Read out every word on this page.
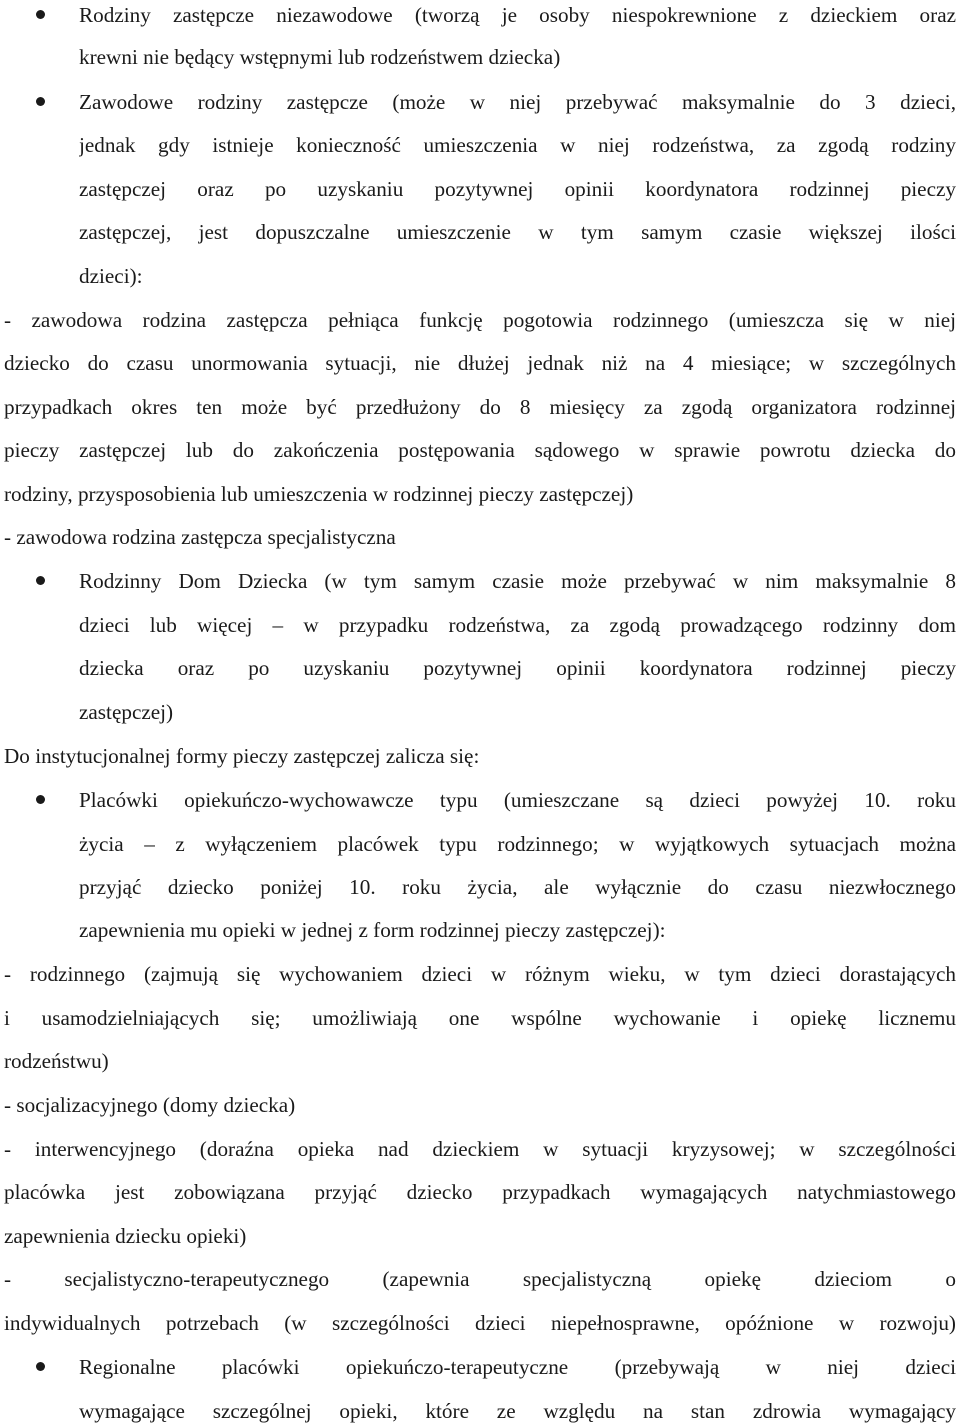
Rodziny zastępcze niezawodowe (tworzą je osoby niespokrewnione z dzieckiem oraz
krewni nie będący wstępnymi lub rodzeństwem dziecka)
Zawodowe rodziny zastępcze (może w niej przebywać maksymalnie do 3 dzieci,
jednak gdy istnieje konieczność umieszczenia w niej rodzeństwa, za zgodą rodziny
zastępczej oraz po uzyskaniu pozytywnej opinii koordynatora rodzinnej pieczy
zastępczej, jest dopuszczalne umieszczenie w tym samym czasie większej ilości
dzieci):
- zawodowa rodzina zastępcza pełniąca funkcję pogotowia rodzinnego (umieszcza się w niej
dziecko do czasu unormowania sytuacji, nie dłużej jednak niż na 4 miesiące; w szczególnych
przypadkach okres ten może być przedłużony do 8 miesięcy za zgodą organizatora rodzinnej
pieczy zastępczej lub do zakończenia postępowania sądowego w sprawie powrotu dziecka do
rodziny, przysposobienia lub umieszczenia w rodzinnej pieczy zastępczej)
- zawodowa rodzina zastępcza specjalistyczna
Rodzinny Dom Dziecka (w tym samym czasie może przebywać w nim maksymalnie 8
dzieci lub więcej – w przypadku rodzeństwa, za zgodą prowadzącego rodzinny dom
dziecka oraz po uzyskaniu pozytywnej opinii koordynatora rodzinnej pieczy
zastępczej)
Do instytucjonalnej formy pieczy zastępczej zalicza się:
Placówki opiekuńczo-wychowawcze typu (umieszczane są dzieci powyżej 10. roku
życia – z wyłączeniem placówek typu rodzinnego; w wyjątkowych sytuacjach można
przyjąć dziecko poniżej 10. roku życia, ale wyłącznie do czasu niezwłocznego
zapewnienia mu opieki w jednej z form rodzinnej pieczy zastępczej):
- rodzinnego (zajmują się wychowaniem dzieci w różnym wieku, w tym dzieci dorastających
i usamodzielniających się; umożliwiają one wspólne wychowanie i opiekę licznemu
rodzeństwu)
- socjalizacyjnego (domy dziecka)
- interwencyjnego (doraźna opieka nad dzieckiem w sytuacji kryzysowej; w szczególności
placówka jest zobowiązana przyjąć dziecko przypadkach wymagających natychmiastowego
zapewnienia dziecku opieki)
- secjalistyczno-terapeutycznego (zapewnia specjalistyczną opiekę dzieciom o
indywidualnych potrzebach (w szczególności dzieci niepełnosprawne, opóźnione w rozwoju)
Regionalne placówki opiekuńczo-terapeutyczne (przebywają w niej dzieci
wymagające szczególnej opieki, które ze względu na stan zdrowia wymagający
